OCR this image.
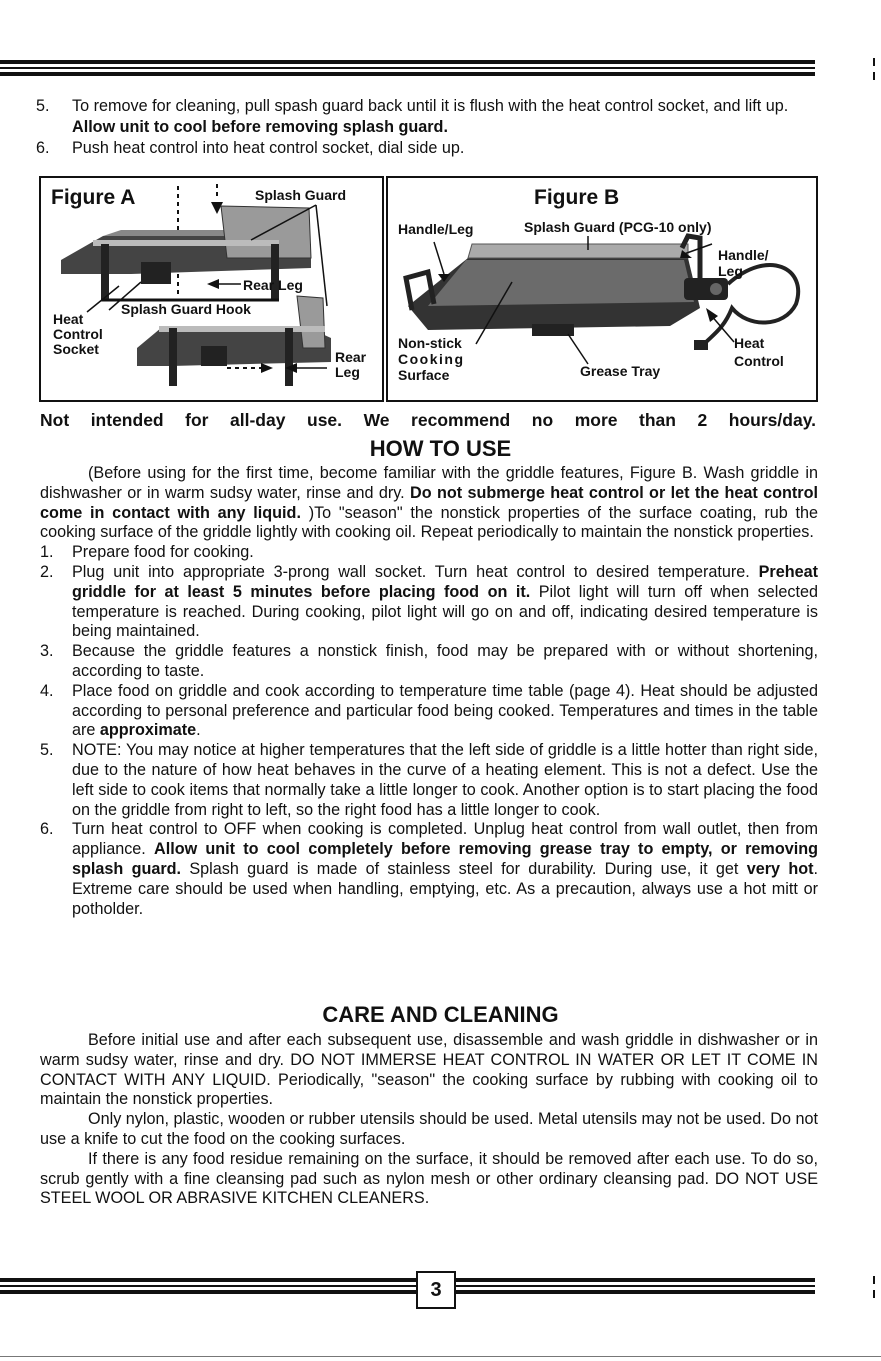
5.	To remove for cleaning, pull spash guard back until it is flush with the heat control socket, and lift up. Allow unit to cool before removing splash guard.
6.	Push heat control into heat control socket, dial side up.
Figure A	Splash Guard
Rear Leg
Splash Guard Hook
Heat
Control
Socket	Rear
Leg
Figure B
Handle/Leg	Splash Guard (PCG-10 only)
Handle/
Leg
Non-stick
Cooking
Surface	Grease Tray
Heat
Control
Not intended for all-day use. We recommend no more than 2 hours/day.
HOW TO USE

(Before using for the first time, become familiar with the griddle features, Figure B. Wash griddle in dishwasher or in warm sudsy water, rinse and dry. Do not submerge heat control or let the heat control come in contact with any liquid. )To "season" the nonstick properties of the surface coating, rub the cooking surface of the griddle lightly with cooking oil. Repeat periodically to maintain the nonstick properties.

1.	Prepare food for cooking.
2.	Plug unit into appropriate 3-prong wall socket. Turn heat control to desired temperature. Preheat griddle for at least 5 minutes before placing food on it. Pilot light will turn off when selected temperature is reached. During cooking, pilot light will go on and off, indicating desired temperature is being maintained.
3.	Because the griddle features a nonstick finish, food may be prepared with or without shortening, according to taste.
4.	Place food on griddle and cook according to temperature time table (page 4). Heat should be adjusted according to personal preference and particular food being cooked. Temperatures and times in the table are approximate.
5.	NOTE: You may notice at higher temperatures that the left side of griddle is a little hotter than right side, due to the nature of how heat behaves in the curve of a heating element. This is not a defect. Use the left side to cook items that normally take a little longer to cook. Another option is to start placing the food on the griddle from right to left, so the right food has a little longer to cook.
6.	Turn heat control to OFF when cooking is completed. Unplug heat control from wall outlet, then from appliance. Allow unit to cool completely before removing grease tray to empty, or removing splash guard. Splash guard is made of stainless steel for durability. During use, it get very hot. Extreme care should be used when handling, emptying, etc. As a precaution, always use a hot mitt or potholder.
CARE AND CLEANING

Before initial use and after each subsequent use, disassemble and wash griddle in dishwasher or in warm sudsy water, rinse and dry. DO NOT IMMERSE HEAT CONTROL IN WATER OR LET IT COME IN CONTACT WITH ANY LIQUID. Periodically, "season" the cooking surface by rubbing with cooking oil to maintain the nonstick properties.

Only nylon, plastic, wooden or rubber utensils should be used. Metal utensils may not be used. Do not use a knife to cut the food on the cooking surfaces.

If there is any food residue remaining on the surface, it should be removed after each use. To do so, scrub gently with a fine cleansing pad such as nylon mesh or other ordinary cleansing pad. DO NOT USE STEEL WOOL OR ABRASIVE KITCHEN CLEANERS.

3
